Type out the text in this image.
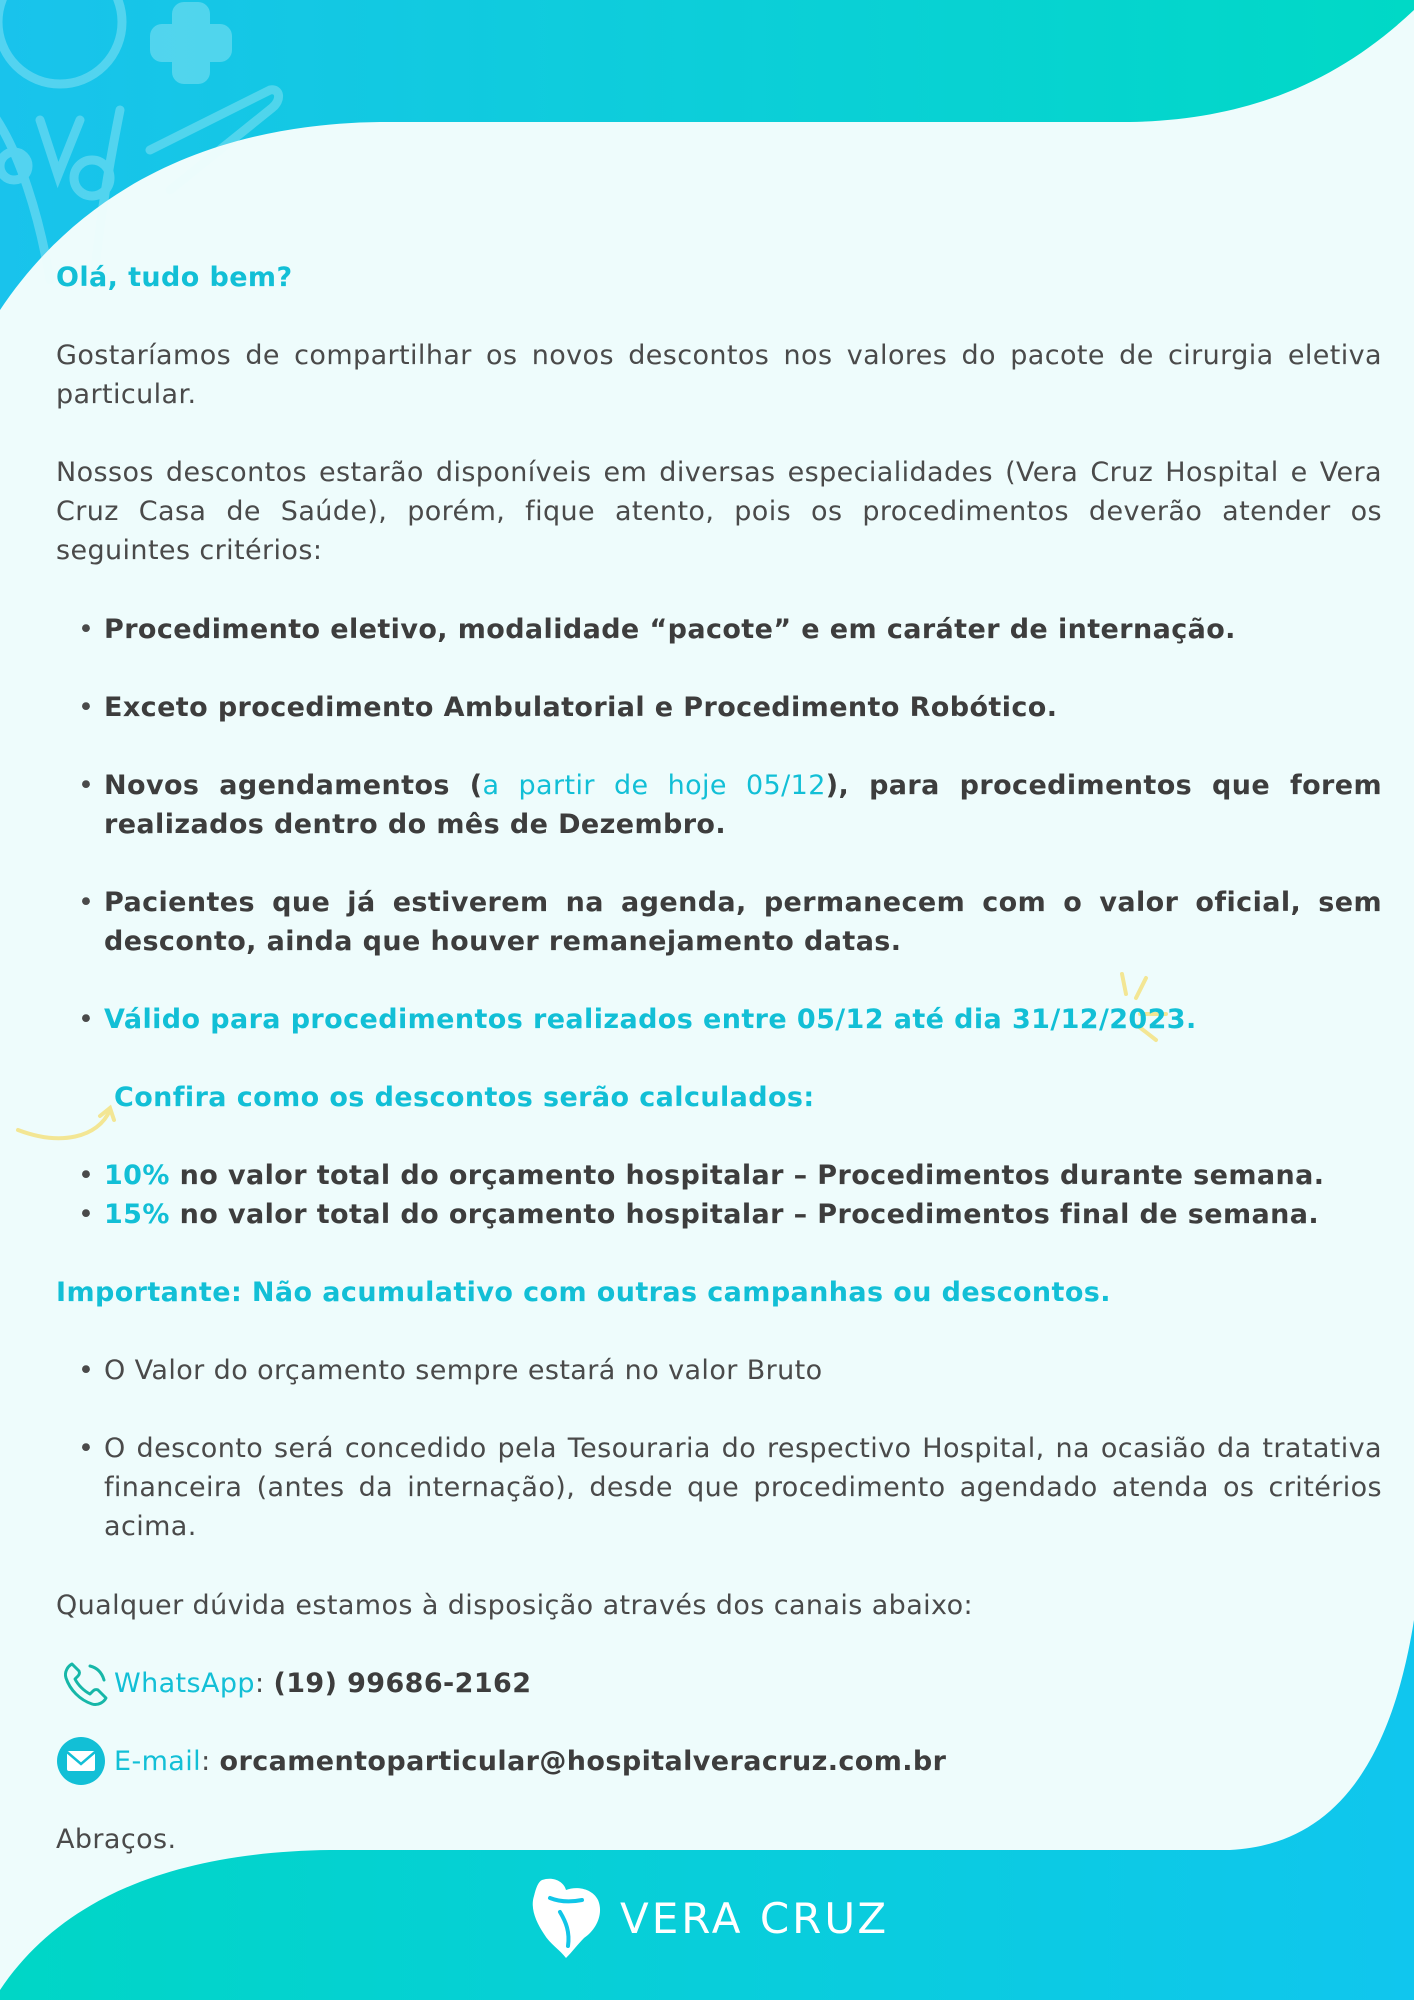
Olá, tudo bem?

Gostaríamos de compartilhar os novos descontos nos valores do pacote de cirurgia eletiva particular.

Nossos descontos estarão disponíveis em diversas especialidades (Vera Cruz Hospital e Vera Cruz Casa de Saúde), porém, fique atento, pois os procedimentos deverão atender os seguintes critérios:

• Procedimento eletivo, modalidade “pacote” e em caráter de internação.

• Exceto procedimento Ambulatorial e Procedimento Robótico.

• Novos agendamentos (a partir de hoje 05/12), para procedimentos que forem realizados dentro do mês de Dezembro.

• Pacientes que já estiverem na agenda, permanecem com o valor oficial, sem desconto, ainda que houver remanejamento datas.

• Válido para procedimentos realizados entre 05/12 até dia 31/12/2023.

Confira como os descontos serão calculados:

• 10% no valor total do orçamento hospitalar – Procedimentos durante semana.

• 15% no valor total do orçamento hospitalar – Procedimentos final de semana.

Importante: Não acumulativo com outras campanhas ou descontos.

• O Valor do orçamento sempre estará no valor Bruto

• O desconto será concedido pela Tesouraria do respectivo Hospital, na ocasião da tratativa financeira (antes da internação), desde que procedimento agendado atenda os critérios acima.

Qualquer dúvida estamos à disposição através dos canais abaixo:

WhatsApp: (19) 99686-2162
E-mail: orcamentoparticular@hospitalveracruz.com.br

Abraços.

VERA CRUZ
